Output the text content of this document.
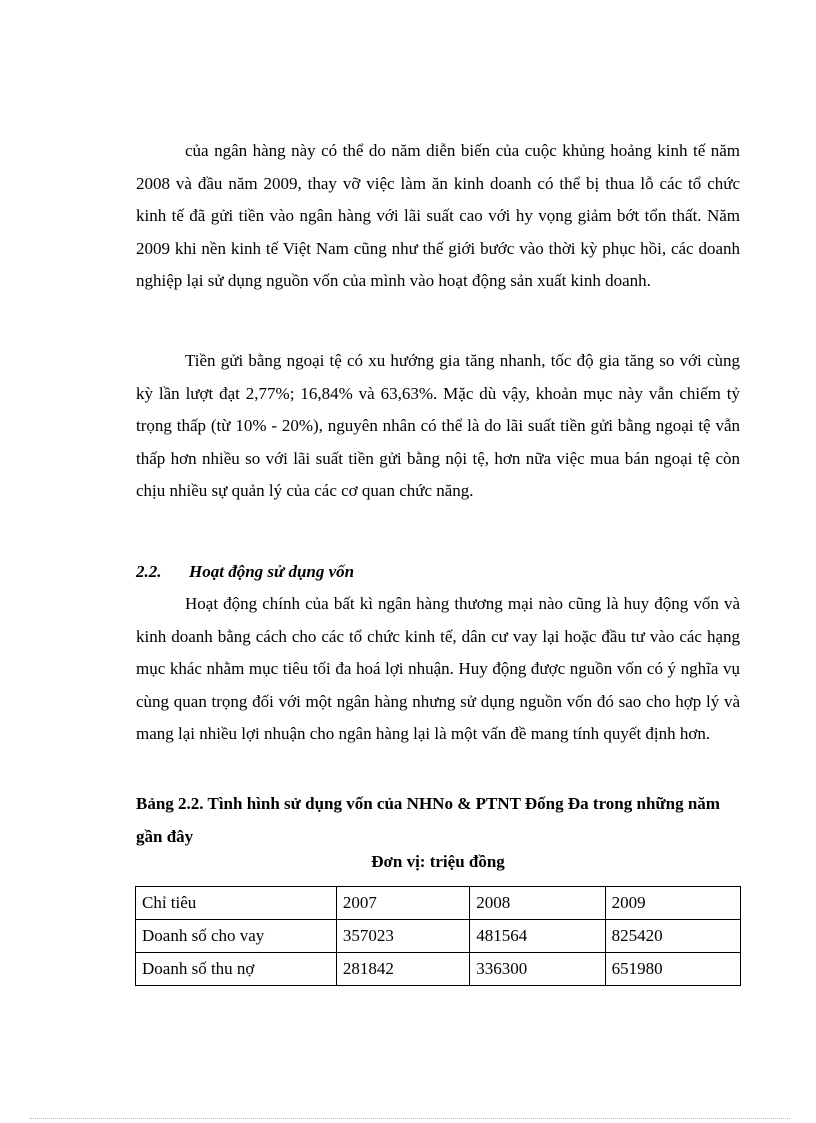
của ngân hàng này có thể do năm diễn biến của cuộc khủng hoảng kinh tế năm 2008 và đầu năm 2009, thay vỡ việc làm ăn kinh doanh có thể bị thua lỗ các tổ chức kinh tế đã gửi tiền vào ngân hàng với lãi suất cao với hy vọng giảm bớt tổn thất. Năm 2009 khi nền kinh tế Việt Nam cũng như thế giới bước vào thời kỳ phục hồi, các doanh nghiệp lại sử dụng nguồn vốn của mình vào hoạt động sản xuất kinh doanh.

Tiền gửi bằng ngoại tệ có xu hướng gia tăng nhanh, tốc độ gia tăng so với cùng kỳ lần lượt đạt 2,77%; 16,84% và 63,63%. Mặc dù vậy, khoản mục này vẫn chiếm tỷ trọng thấp (từ 10% - 20%), nguyên nhân có thể là do lãi suất tiền gửi bằng ngoại tệ vẫn thấp hơn nhiều so với lãi suất tiền gửi bằng nội tệ, hơn nữa việc mua bán ngoại tệ còn chịu nhiều sự quản lý của các cơ quan chức năng.

2.2. Hoạt động sử dụng vốn

Hoạt động chính của bất kì ngân hàng thương mại nào cũng là huy động vốn và kinh doanh bằng cách cho các tổ chức kinh tế, dân cư vay lại hoặc đầu tư vào các hạng mục khác nhằm mục tiêu tối đa hoá lợi nhuận. Huy động được nguồn vốn có ý nghĩa vụ cùng quan trọng đối với một ngân hàng nhưng sử dụng nguồn vốn đó sao cho hợp lý và mang lại nhiều lợi nhuận cho ngân hàng lại là một vấn đề mang tính quyết định hơn.

Bảng 2.2. Tình hình sử dụng vốn của NHNo & PTNT Đống Đa trong những năm gần đây

Đơn vị: triệu đồng

Chỉ tiêu	2007	2008	2009
Doanh số cho vay	357023	481564	825420
Doanh số thu nợ	281842	336300	651980
